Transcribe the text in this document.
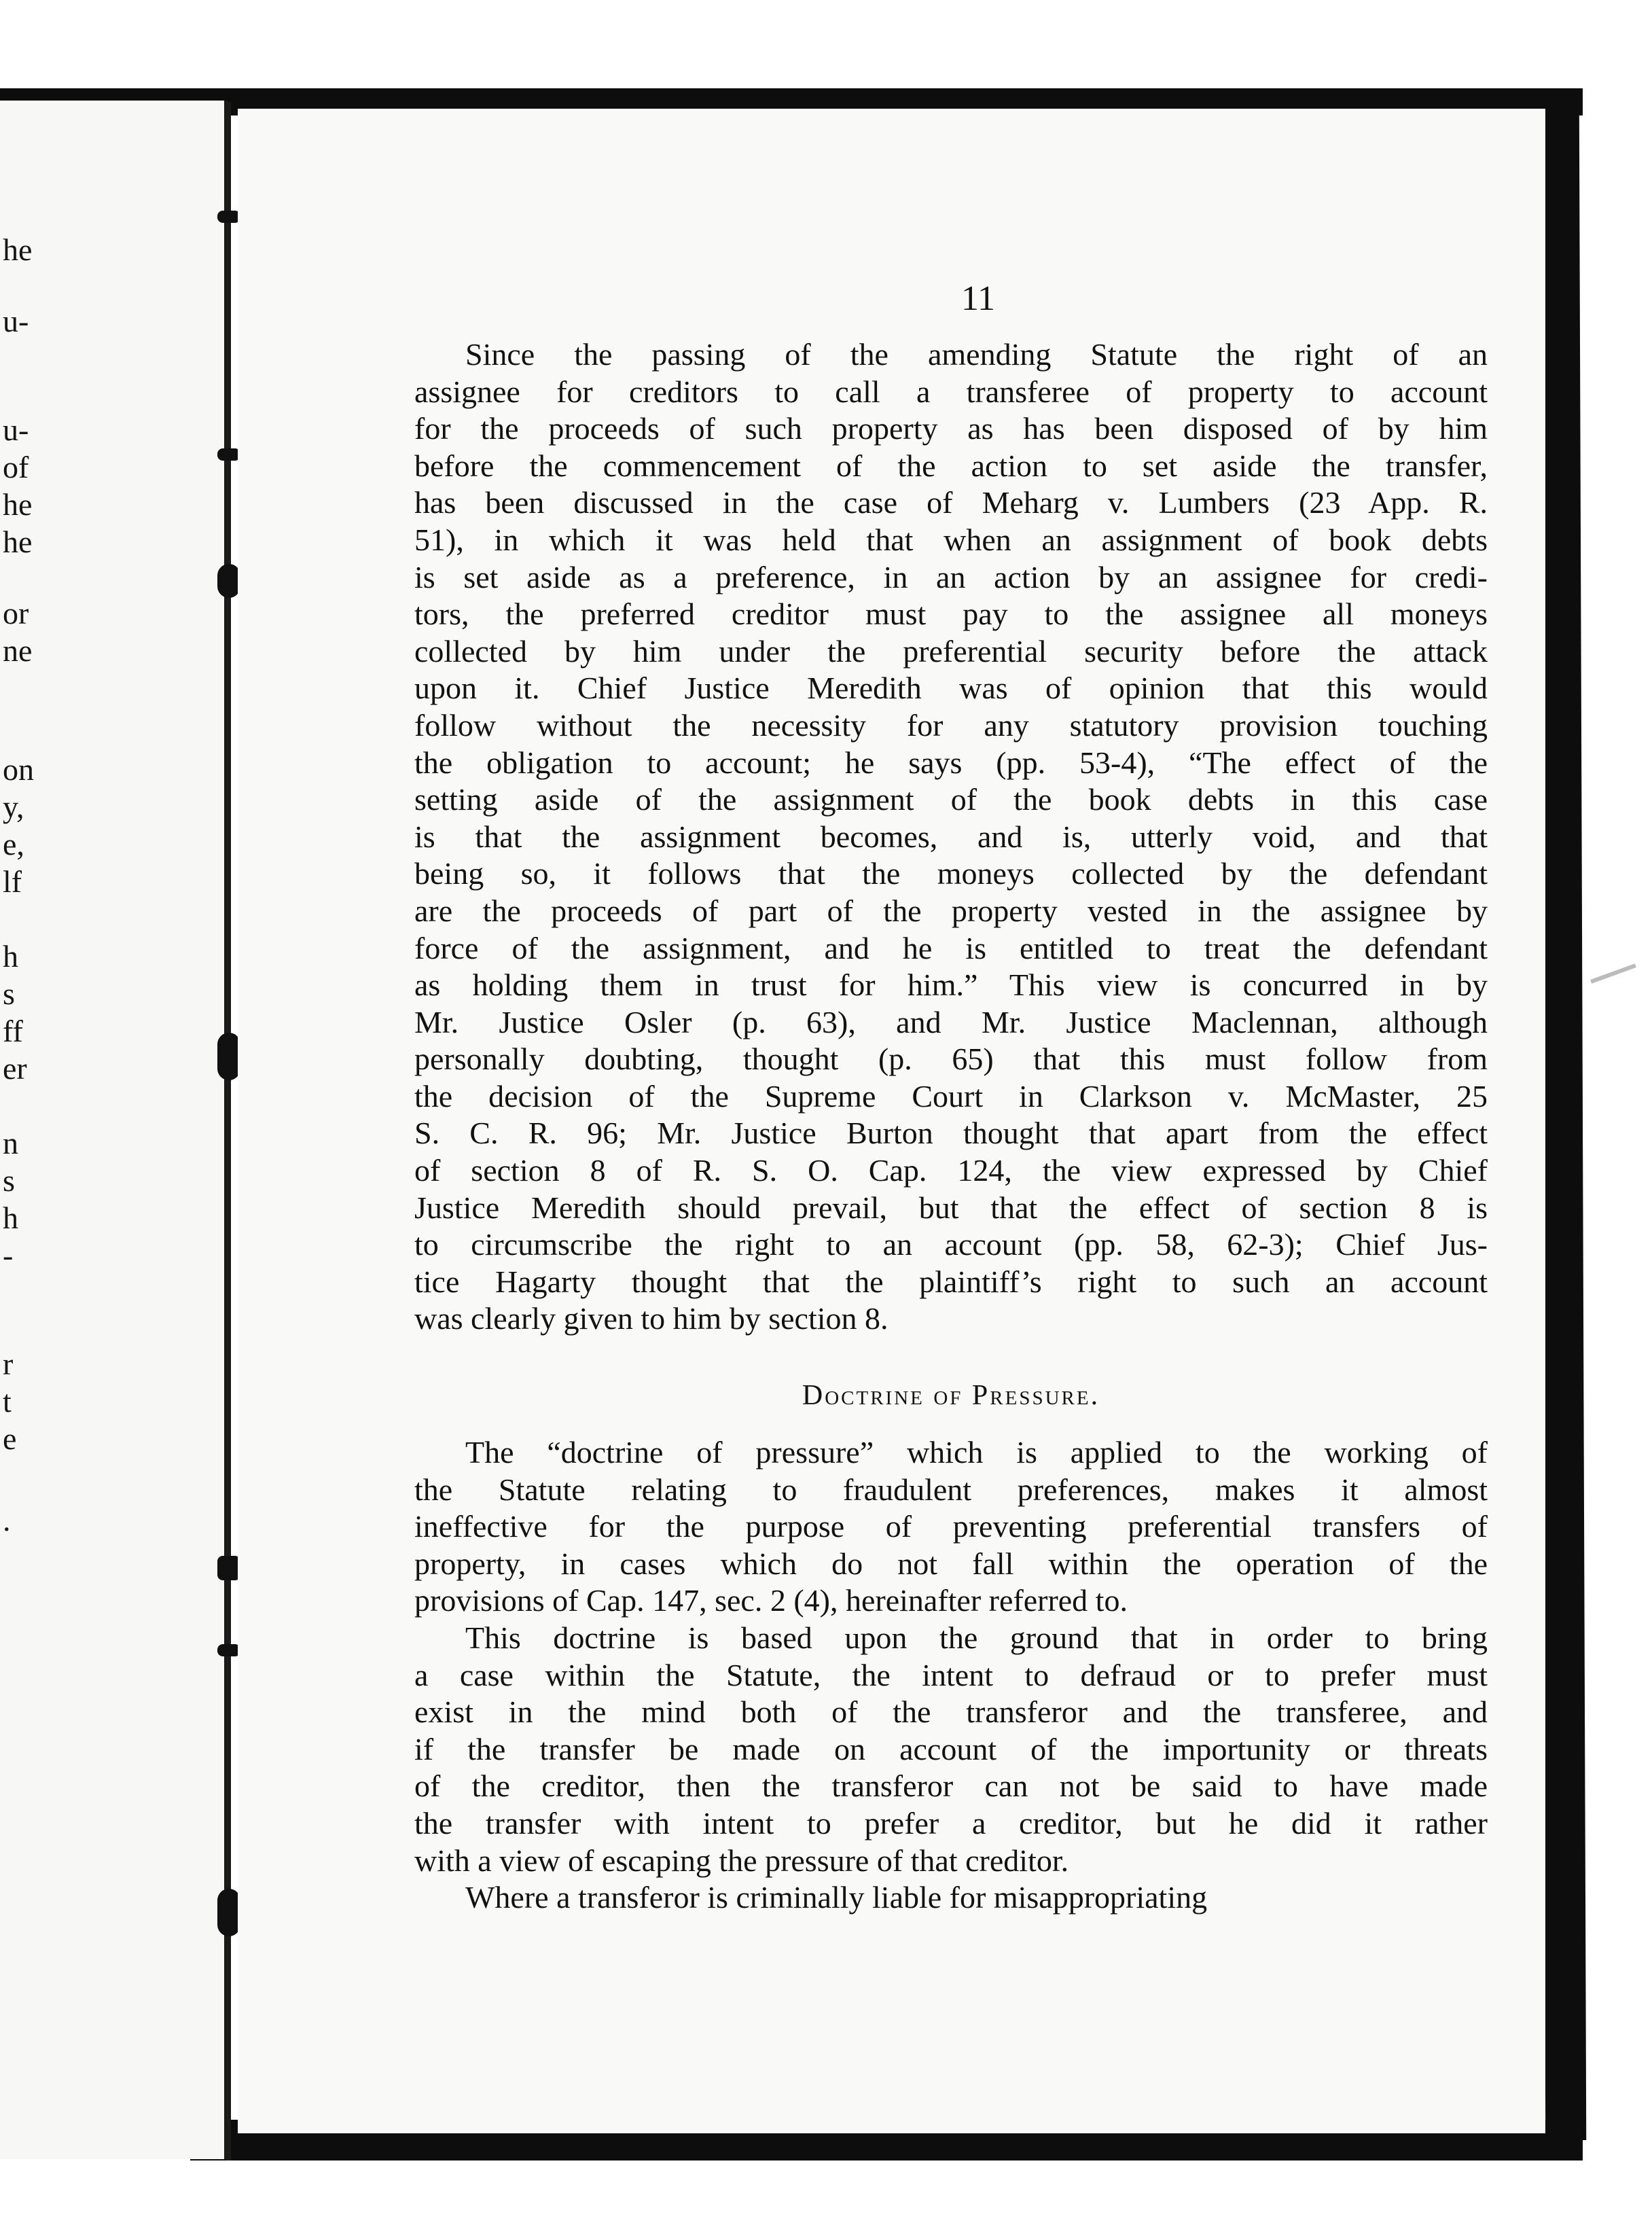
he
u-
u-
of
he
he
or
ne
on
y,
e,
lf
h
s
ff
er
n
s
h
-
r
t
e
.
11
Since the passing of the amending Statute the right of an
assignee for creditors to call a transferee of property to account
for the proceeds of such property as has been disposed of by him
before the commencement of the action to set aside the transfer,
has been discussed in the case of Meharg v. Lumbers (23 App. R.
51), in which it was held that when an assignment of book debts
is set aside as a preference, in an action by an assignee for credi-
tors, the preferred creditor must pay to the assignee all moneys
collected by him under the preferential security before the attack
upon it. Chief Justice Meredith was of opinion that this would
follow without the necessity for any statutory provision touching
the obligation to account; he says (pp. 53-4), “The effect of the
setting aside of the assignment of the book debts in this case
is that the assignment becomes, and is, utterly void, and that
being so, it follows that the moneys collected by the defendant
are the proceeds of part of the property vested in the assignee by
force of the assignment, and he is entitled to treat the defendant
as holding them in trust for him.” This view is concurred in by
Mr. Justice Osler (p. 63), and Mr. Justice Maclennan, although
personally doubting, thought (p. 65) that this must follow from
the decision of the Supreme Court in Clarkson v. McMaster, 25
S. C. R. 96; Mr. Justice Burton thought that apart from the effect
of section 8 of R. S. O. Cap. 124, the view expressed by Chief
Justice Meredith should prevail, but that the effect of section 8 is
to circumscribe the right to an account (pp. 58, 62-3); Chief Jus-
tice Hagarty thought that the plaintiff’s right to such an account
was clearly given to him by section 8.
Doctrine of Pressure.
The “doctrine of pressure” which is applied to the working of
the Statute relating to fraudulent preferences, makes it almost
ineffective for the purpose of preventing preferential transfers of
property, in cases which do not fall within the operation of the
provisions of Cap. 147, sec. 2 (4), hereinafter referred to.
This doctrine is based upon the ground that in order to bring
a case within the Statute, the intent to defraud or to prefer must
exist in the mind both of the transferor and the transferee, and
if the transfer be made on account of the importunity or threats
of the creditor, then the transferor can not be said to have made
the transfer with intent to prefer a creditor, but he did it rather
with a view of escaping the pressure of that creditor.
Where a transferor is criminally liable for misappropriating
